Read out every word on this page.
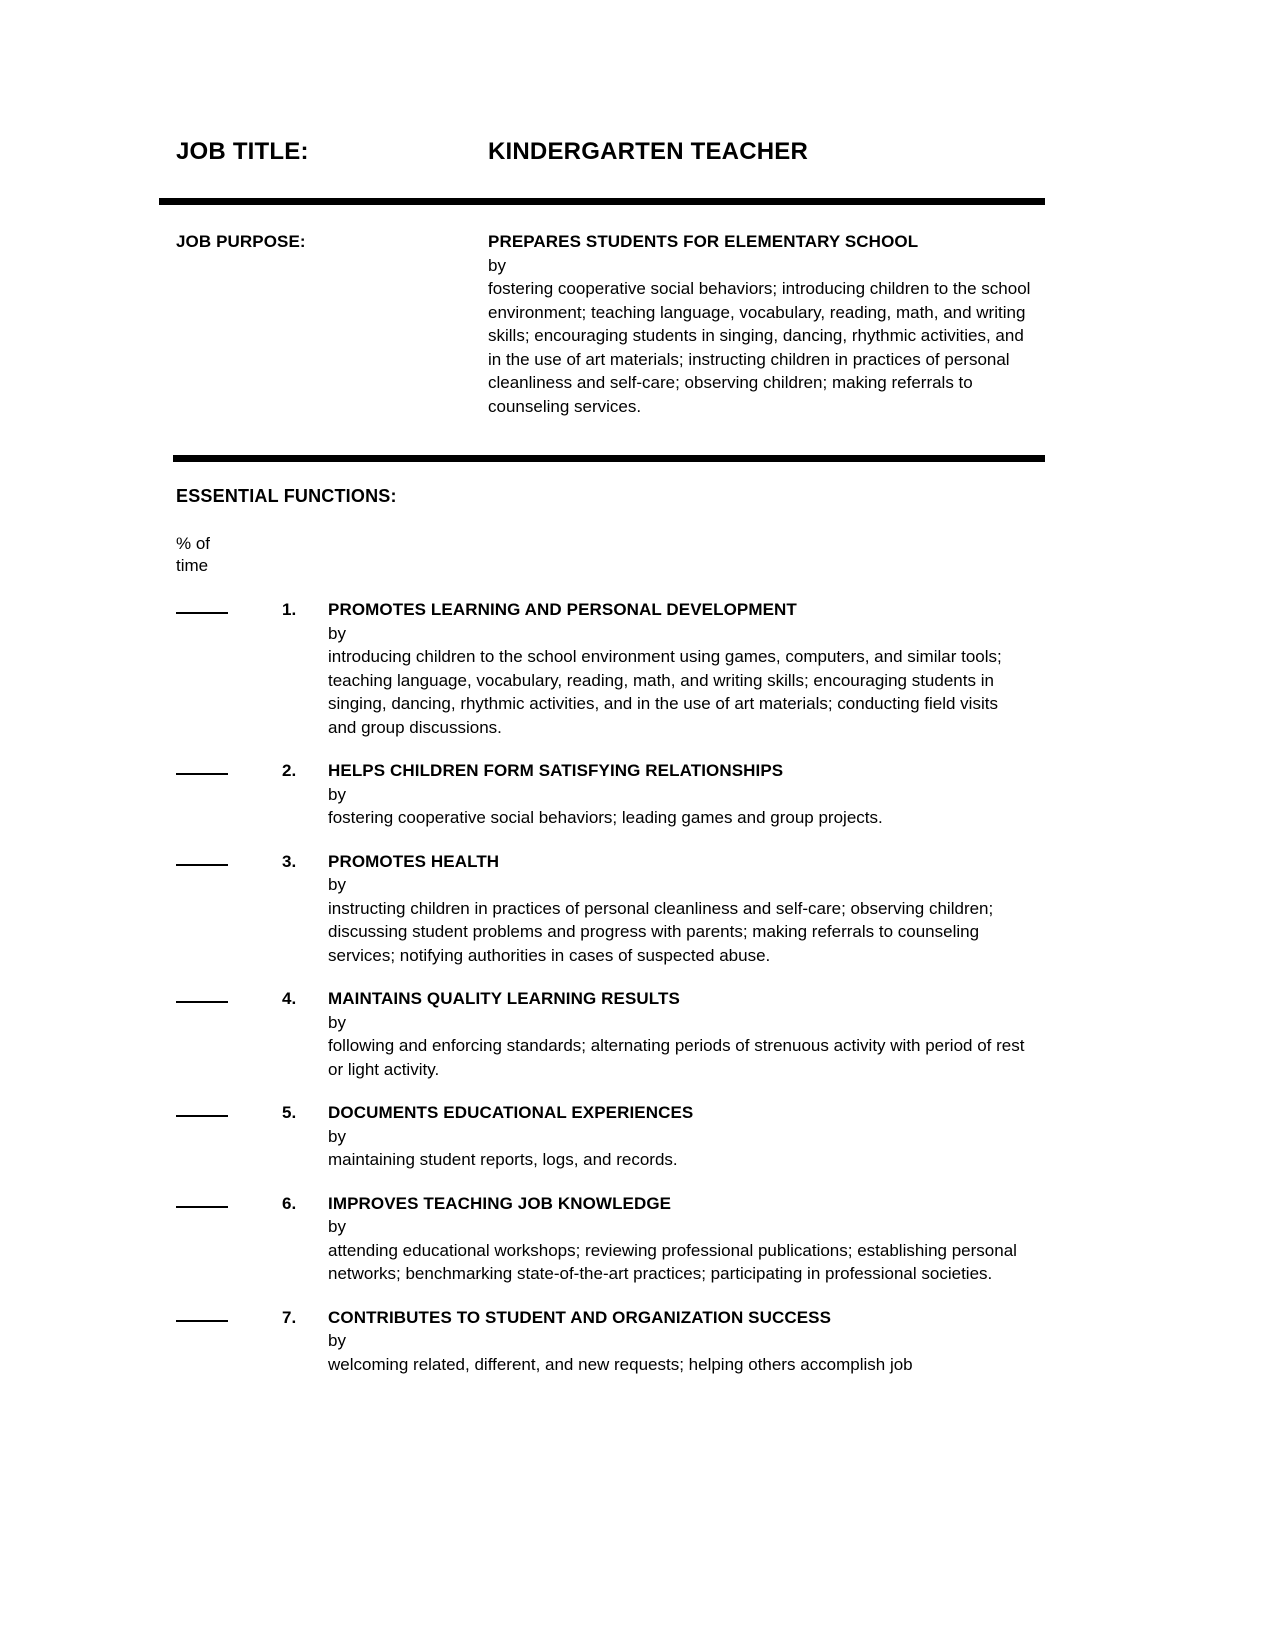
JOB TITLE:	KINDERGARTEN TEACHER
JOB PURPOSE:	PREPARES STUDENTS FOR ELEMENTARY SCHOOL
by
fostering cooperative social behaviors; introducing children to the school environment; teaching language, vocabulary, reading, math, and writing skills; encouraging students in singing, dancing, rhythmic activities, and in the use of art materials; instructing children in practices of personal cleanliness and self-care; observing children; making referrals to counseling services.
ESSENTIAL FUNCTIONS:
% of
time
1.	PROMOTES LEARNING AND PERSONAL DEVELOPMENT
by
introducing children to the school environment using games, computers, and similar tools; teaching language, vocabulary, reading, math, and writing skills; encouraging students in singing, dancing, rhythmic activities, and in the use of art materials; conducting field visits and group discussions.
2.	HELPS CHILDREN FORM SATISFYING RELATIONSHIPS
by
fostering cooperative social behaviors; leading games and group projects.
3.	PROMOTES HEALTH
by
instructing children in practices of personal cleanliness and self-care; observing children; discussing student problems and progress with parents; making referrals to counseling services; notifying authorities in cases of suspected abuse.
4.	MAINTAINS QUALITY LEARNING RESULTS
by
following and enforcing standards; alternating periods of strenuous activity with period of rest or light activity.
5.	DOCUMENTS EDUCATIONAL EXPERIENCES
by
maintaining student reports, logs, and records.
6.	IMPROVES TEACHING JOB KNOWLEDGE
by
attending educational workshops; reviewing professional publications; establishing personal networks; benchmarking state-of-the-art practices; participating in professional societies.
7.	CONTRIBUTES TO STUDENT AND ORGANIZATION SUCCESS
by
welcoming related, different, and new requests; helping others accomplish job
